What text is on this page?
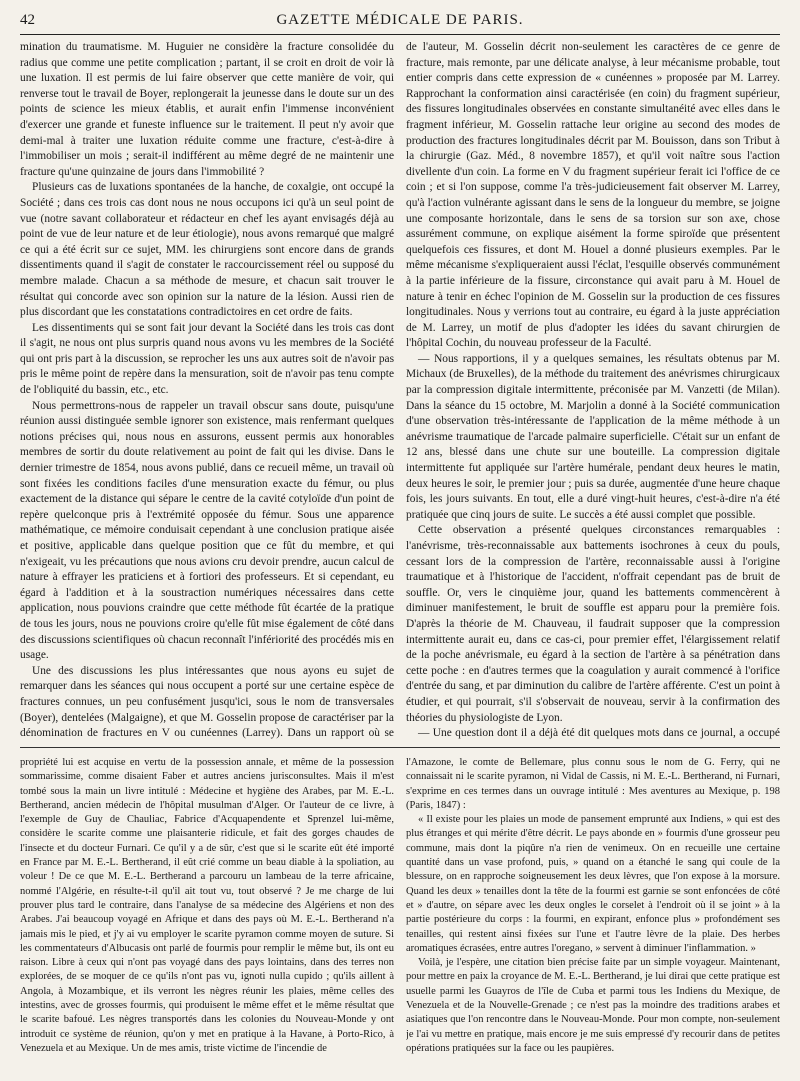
42	GAZETTE MÉDICALE DE PARIS.

mination du traumatisme. M. Huguier ne considère la fracture consolidée du radius que comme une petite complication ; partant, il se croit en droit de voir là une luxation. Il est permis de lui faire observer que cette manière de voir, qui renverse tout le travail de Boyer, replongerait la jeunesse dans le doute sur un des points de science les mieux établis, et aurait enfin l'immense inconvénient d'exercer une grande et funeste influence sur le traitement. Il peut n'y avoir que demi-mal à traiter une luxation réduite comme une fracture, c'est-à-dire à l'immobiliser un mois ; serait-il indifférent au même degré de ne maintenir une fracture qu'une quinzaine de jours dans l'immobilité ?

Plusieurs cas de luxations spontanées de la hanche, de coxalgie, ont occupé la Société ; dans ces trois cas dont nous ne nous occupons ici qu'à un seul point de vue (notre savant collaborateur et rédacteur en chef les ayant envisagés déjà au point de vue de leur nature et de leur étiologie), nous avons remarqué que malgré ce qui a été écrit sur ce sujet, MM. les chirurgiens sont encore dans de grands dissentiments quand il s'agit de constater le raccourcissement réel ou supposé du membre malade. Chacun a sa méthode de mesure, et chacun sait trouver le résultat qui concorde avec son opinion sur la nature de la lésion. Aussi rien de plus discordant que les constatations contradictoires en cet ordre de faits.

Les dissentiments qui se sont fait jour devant la Société dans les trois cas dont il s'agit, ne nous ont plus surpris quand nous avons vu les membres de la Société qui ont pris part à la discussion, se reprocher les uns aux autres soit de n'avoir pas pris le même point de repère dans la mensuration, soit de n'avoir pas tenu compte de l'obliquité du bassin, etc., etc.

Nous permettrons-nous de rappeler un travail obscur sans doute, puisqu'une réunion aussi distinguée semble ignorer son existence, mais renfermant quelques notions précises qui, nous nous en assurons, eussent permis aux honorables membres de sortir du doute relativement au point de fait qui les divise. Dans le dernier trimestre de 1854, nous avons publié, dans ce recueil même, un travail où sont fixées les conditions faciles d'une mensuration exacte du fémur, ou plus exactement de la distance qui sépare le centre de la cavité cotyloïde d'un point de repère quelconque pris à l'extrémité opposée du fémur. Sous une apparence mathématique, ce mémoire conduisait cependant à une conclusion pratique aisée et positive, applicable dans quelque position que ce fût du membre, et qui n'exigeait, vu les précautions que nous avions cru devoir prendre, aucun calcul de nature à effrayer les praticiens et à fortiori des professeurs. Et si cependant, eu égard à l'addition et à la soustraction numériques nécessaires dans cette application, nous pouvions craindre que cette méthode fût écartée de la pratique de tous les jours, nous ne pouvions croire qu'elle fût mise également de côté dans des discussions scientifiques où chacun reconnaît l'infériorité des procédés mis en usage.

Une des discussions les plus intéressantes que nous ayons eu sujet de remarquer dans les séances qui nous occupent a porté sur une certaine espèce de fractures connues, un peu confusément jusqu'ici, sous le nom de transversales (Boyer), dentelées (Malgaigne), et que M. Gosselin propose de caractériser par la dénomination de fractures en V ou cunéennes (Larrey). Dans un rapport où se

de l'auteur, M. Gosselin décrit non-seulement les caractères de ce genre de fracture, mais remonte, par une délicate analyse, à leur mécanisme probable, tout entier compris dans cette expression de « cunéennes » proposée par M. Larrey. Rapprochant la conformation ainsi caractérisée (en coin) du fragment supérieur, des fissures longitudinales observées en constante simultanéité avec elles dans le fragment inférieur, M. Gosselin rattache leur origine au second des modes de production des fractures longitudinales décrit par M. Bouisson, dans son Tribut à la chirurgie (Gaz. Méd., 8 novembre 1857), et qu'il voit naître sous l'action divellente d'un coin. La forme en V du fragment supérieur ferait ici l'office de ce coin ; et si l'on suppose, comme l'a très-judicieusement fait observer M. Larrey, qu'à l'action vulnérante agissant dans le sens de la longueur du membre, se joigne une composante horizontale, dans le sens de sa torsion sur son axe, chose assurément commune, on explique aisément la forme spiroïde que présentent quelquefois ces fissures, et dont M. Houel a donné plusieurs exemples. Par le même mécanisme s'expliqueraient aussi l'éclat, l'esquille observés communément à la partie inférieure de la fissure, circonstance qui avait paru à M. Houel de nature à tenir en échec l'opinion de M. Gosselin sur la production de ces fissures longitudinales. Nous y verrions tout au contraire, eu égard à la juste appréciation de M. Larrey, un motif de plus d'adopter les idées du savant chirurgien de l'hôpital Cochin, du nouveau professeur de la Faculté.

— Nous rapportions, il y a quelques semaines, les résultats obtenus par M. Michaux (de Bruxelles), de la méthode du traitement des anévrismes chirurgicaux par la compression digitale intermittente, préconisée par M. Vanzetti (de Milan). Dans la séance du 15 octobre, M. Marjolin a donné à la Société communication d'une observation très-intéressante de l'application de la même méthode à un anévrisme traumatique de l'arcade palmaire superficielle. C'était sur un enfant de 12 ans, blessé dans une chute sur une bouteille. La compression digitale intermittente fut appliquée sur l'artère humérale, pendant deux heures le matin, deux heures le soir, le premier jour ; puis sa durée, augmentée d'une heure chaque fois, les jours suivants. En tout, elle a duré vingt-huit heures, c'est-à-dire n'a été pratiquée que cinq jours de suite. Le succès a été aussi complet que possible.

Cette observation a présenté quelques circonstances remarquables : l'anévrisme, très-reconnaissable aux battements isochrones à ceux du pouls, cessant lors de la compression de l'artère, reconnaissable aussi à l'origine traumatique et à l'historique de l'accident, n'offrait cependant pas de bruit de souffle. Or, vers le cinquième jour, quand les battements commencèrent à diminuer manifestement, le bruit de souffle est apparu pour la première fois. D'après la théorie de M. Chauveau, il faudrait supposer que la compression intermittente aurait eu, dans ce cas-ci, pour premier effet, l'élargissement relatif de la poche anévrismale, eu égard à la section de l'artère à sa pénétration dans cette poche : en d'autres termes que la coagulation y aurait commencé à l'orifice d'entrée du sang, et par diminution du calibre de l'artère afférente. C'est un point à étudier, et qui pourrait, s'il s'observait de nouveau, servir à la confirmation des théories du physiologiste de Lyon.

— Une question dont il a déjà été dit quelques mots dans ce journal, a occupé

propriété lui est acquise en vertu de la possession annale, et même de la possession sommarissime, comme disaient Faber et autres anciens jurisconsultes. Mais il m'est tombé sous la main un livre intitulé : Médecine et hygiène des Arabes, par M. E.-L. Bertherand, ancien médecin de l'hôpital musulman d'Alger. Or l'auteur de ce livre, à l'exemple de Guy de Chauliac, Fabrice d'Acquapendente et Sprenzel lui-même, considère le scarite comme une plaisanterie ridicule, et fait des gorges chaudes de l'insecte et du docteur Furnari. Ce qu'il y a de sûr, c'est que si le scarite eût été importé en France par M. E.-L. Bertherand, il eût crié comme un beau diable à la spoliation, au voleur ! De ce que M. E.-L. Bertherand a parcouru un lambeau de la terre africaine, nommé l'Algérie, en résulte-t-il qu'il ait tout vu, tout observé ? Je me charge de lui prouver plus tard le contraire, dans l'analyse de sa médecine des Algériens et non des Arabes. J'ai beaucoup voyagé en Afrique et dans des pays où M. E.-L. Bertherand n'a jamais mis le pied, et j'y ai vu employer le scarite pyramon comme moyen de suture. Si les commentateurs d'Albucasis ont parlé de fourmis pour remplir le même but, ils ont eu raison. Libre à ceux qui n'ont pas voyagé dans des pays lointains, dans des terres non explorées, de se moquer de ce qu'ils n'ont pas vu, ignoti nulla cupido ; qu'ils aillent à Angola, à Mozambique, et ils verront les nègres réunir les plaies, même celles des intestins, avec de grosses fourmis, qui produisent le même effet et le même résultat que le scarite bafoué. Les nègres transportés dans les colonies du Nouveau-Monde y ont introduit ce système de réunion, qu'on y met en pratique à la Havane, à Porto-Rico, à Venezuela et au Mexique. Un de mes amis, triste victime de l'incendie de

l'Amazone, le comte de Bellemare, plus connu sous le nom de G. Ferry, qui ne connaissait ni le scarite pyramon, ni Vidal de Cassis, ni M. E.-L. Bertherand, ni Furnari, s'exprime en ces termes dans un ouvrage intitulé : Mes aventures au Mexique, p. 198 (Paris, 1847) :

« Il existe pour les plaies un mode de pansement emprunté aux Indiens, » qui est des plus étranges et qui mérite d'être décrit. Le pays abonde en » fourmis d'une grosseur peu commune, mais dont la piqûre n'a rien de venimeux. On en recueille une certaine quantité dans un vase profond, puis, » quand on a étanché le sang qui coule de la blessure, on en rapproche soigneusement les deux lèvres, que l'on expose à la morsure. Quand les deux » tenailles dont la tête de la fourmi est garnie se sont enfoncées de côté et » d'autre, on sépare avec les deux ongles le corselet à l'endroit où il se joint » à la partie postérieure du corps : la fourmi, en expirant, enfonce plus » profondément ses tenailles, qui restent ainsi fixées sur l'une et l'autre lèvre de la plaie. Des herbes aromatiques écrasées, entre autres l'oregano, » servent à diminuer l'inflammation. »

Voilà, je l'espère, une citation bien précise faite par un simple voyageur. Maintenant, pour mettre en paix la croyance de M. E.-L. Bertherand, je lui dirai que cette pratique est usuelle parmi les Guayros de l'île de Cuba et parmi tous les Indiens du Mexique, de Venezuela et de la Nouvelle-Grenade ; ce n'est pas la moindre des traditions arabes et asiatiques que l'on rencontre dans le Nouveau-Monde. Pour mon compte, non-seulement je l'ai vu mettre en pratique, mais encore je me suis empressé d'y recourir dans de petites opérations pratiquées sur la face ou les paupières.
